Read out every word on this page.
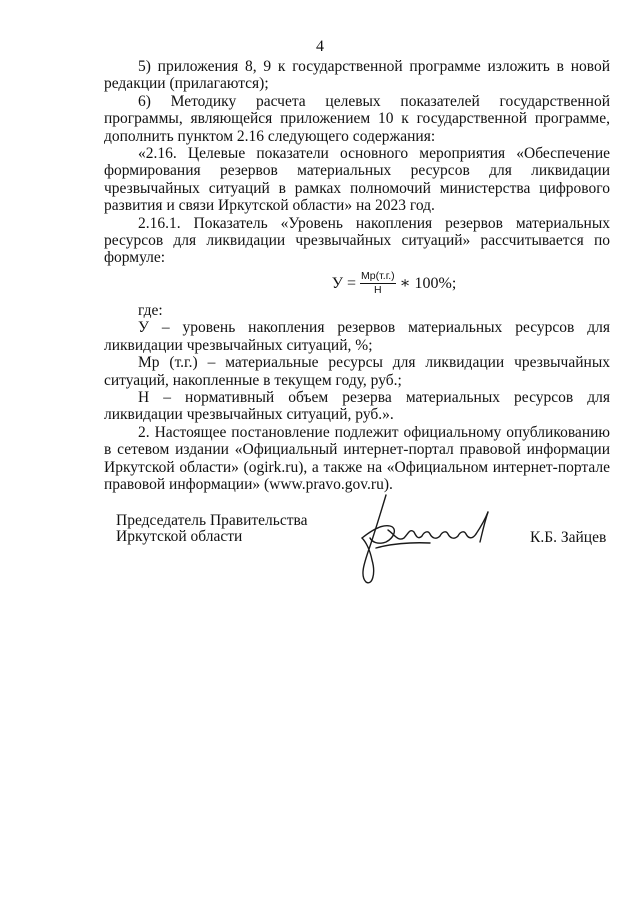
4

5) приложения 8, 9 к государственной программе изложить в новой редакции (прилагаются);

6) Методику расчета целевых показателей государственной программы, являющейся приложением 10 к государственной программе, дополнить пунктом 2.16 следующего содержания:

«2.16. Целевые показатели основного мероприятия «Обеспечение формирования резервов материальных ресурсов для ликвидации чрезвычайных ситуаций в рамках полномочий министерства цифрового развития и связи Иркутской области» на 2023 год.

2.16.1. Показатель «Уровень накопления резервов материальных ресурсов для ликвидации чрезвычайных ситуаций» рассчитывается по формуле:

$У = \frac{Мр(т.г.)}{Н}$ ∗ 100%;

где:

У – уровень накопления резервов материальных ресурсов для ликвидации чрезвычайных ситуаций, %;

Мр (т.г.) – материальные ресурсы для ликвидации чрезвычайных ситуаций, накопленные в текущем году, руб.;

Н – нормативный объем резерва материальных ресурсов для ликвидации чрезвычайных ситуаций, руб.».

2. Настоящее постановление подлежит официальному опубликованию в сетевом издании «Официальный интернет-портал правовой информации Иркутской области» (ogirk.ru), а также на «Официальном интернет-портале правовой информации» (www.pravo.gov.ru).

Председатель Правительства
Иркутской области	К.Б. Зайцев
